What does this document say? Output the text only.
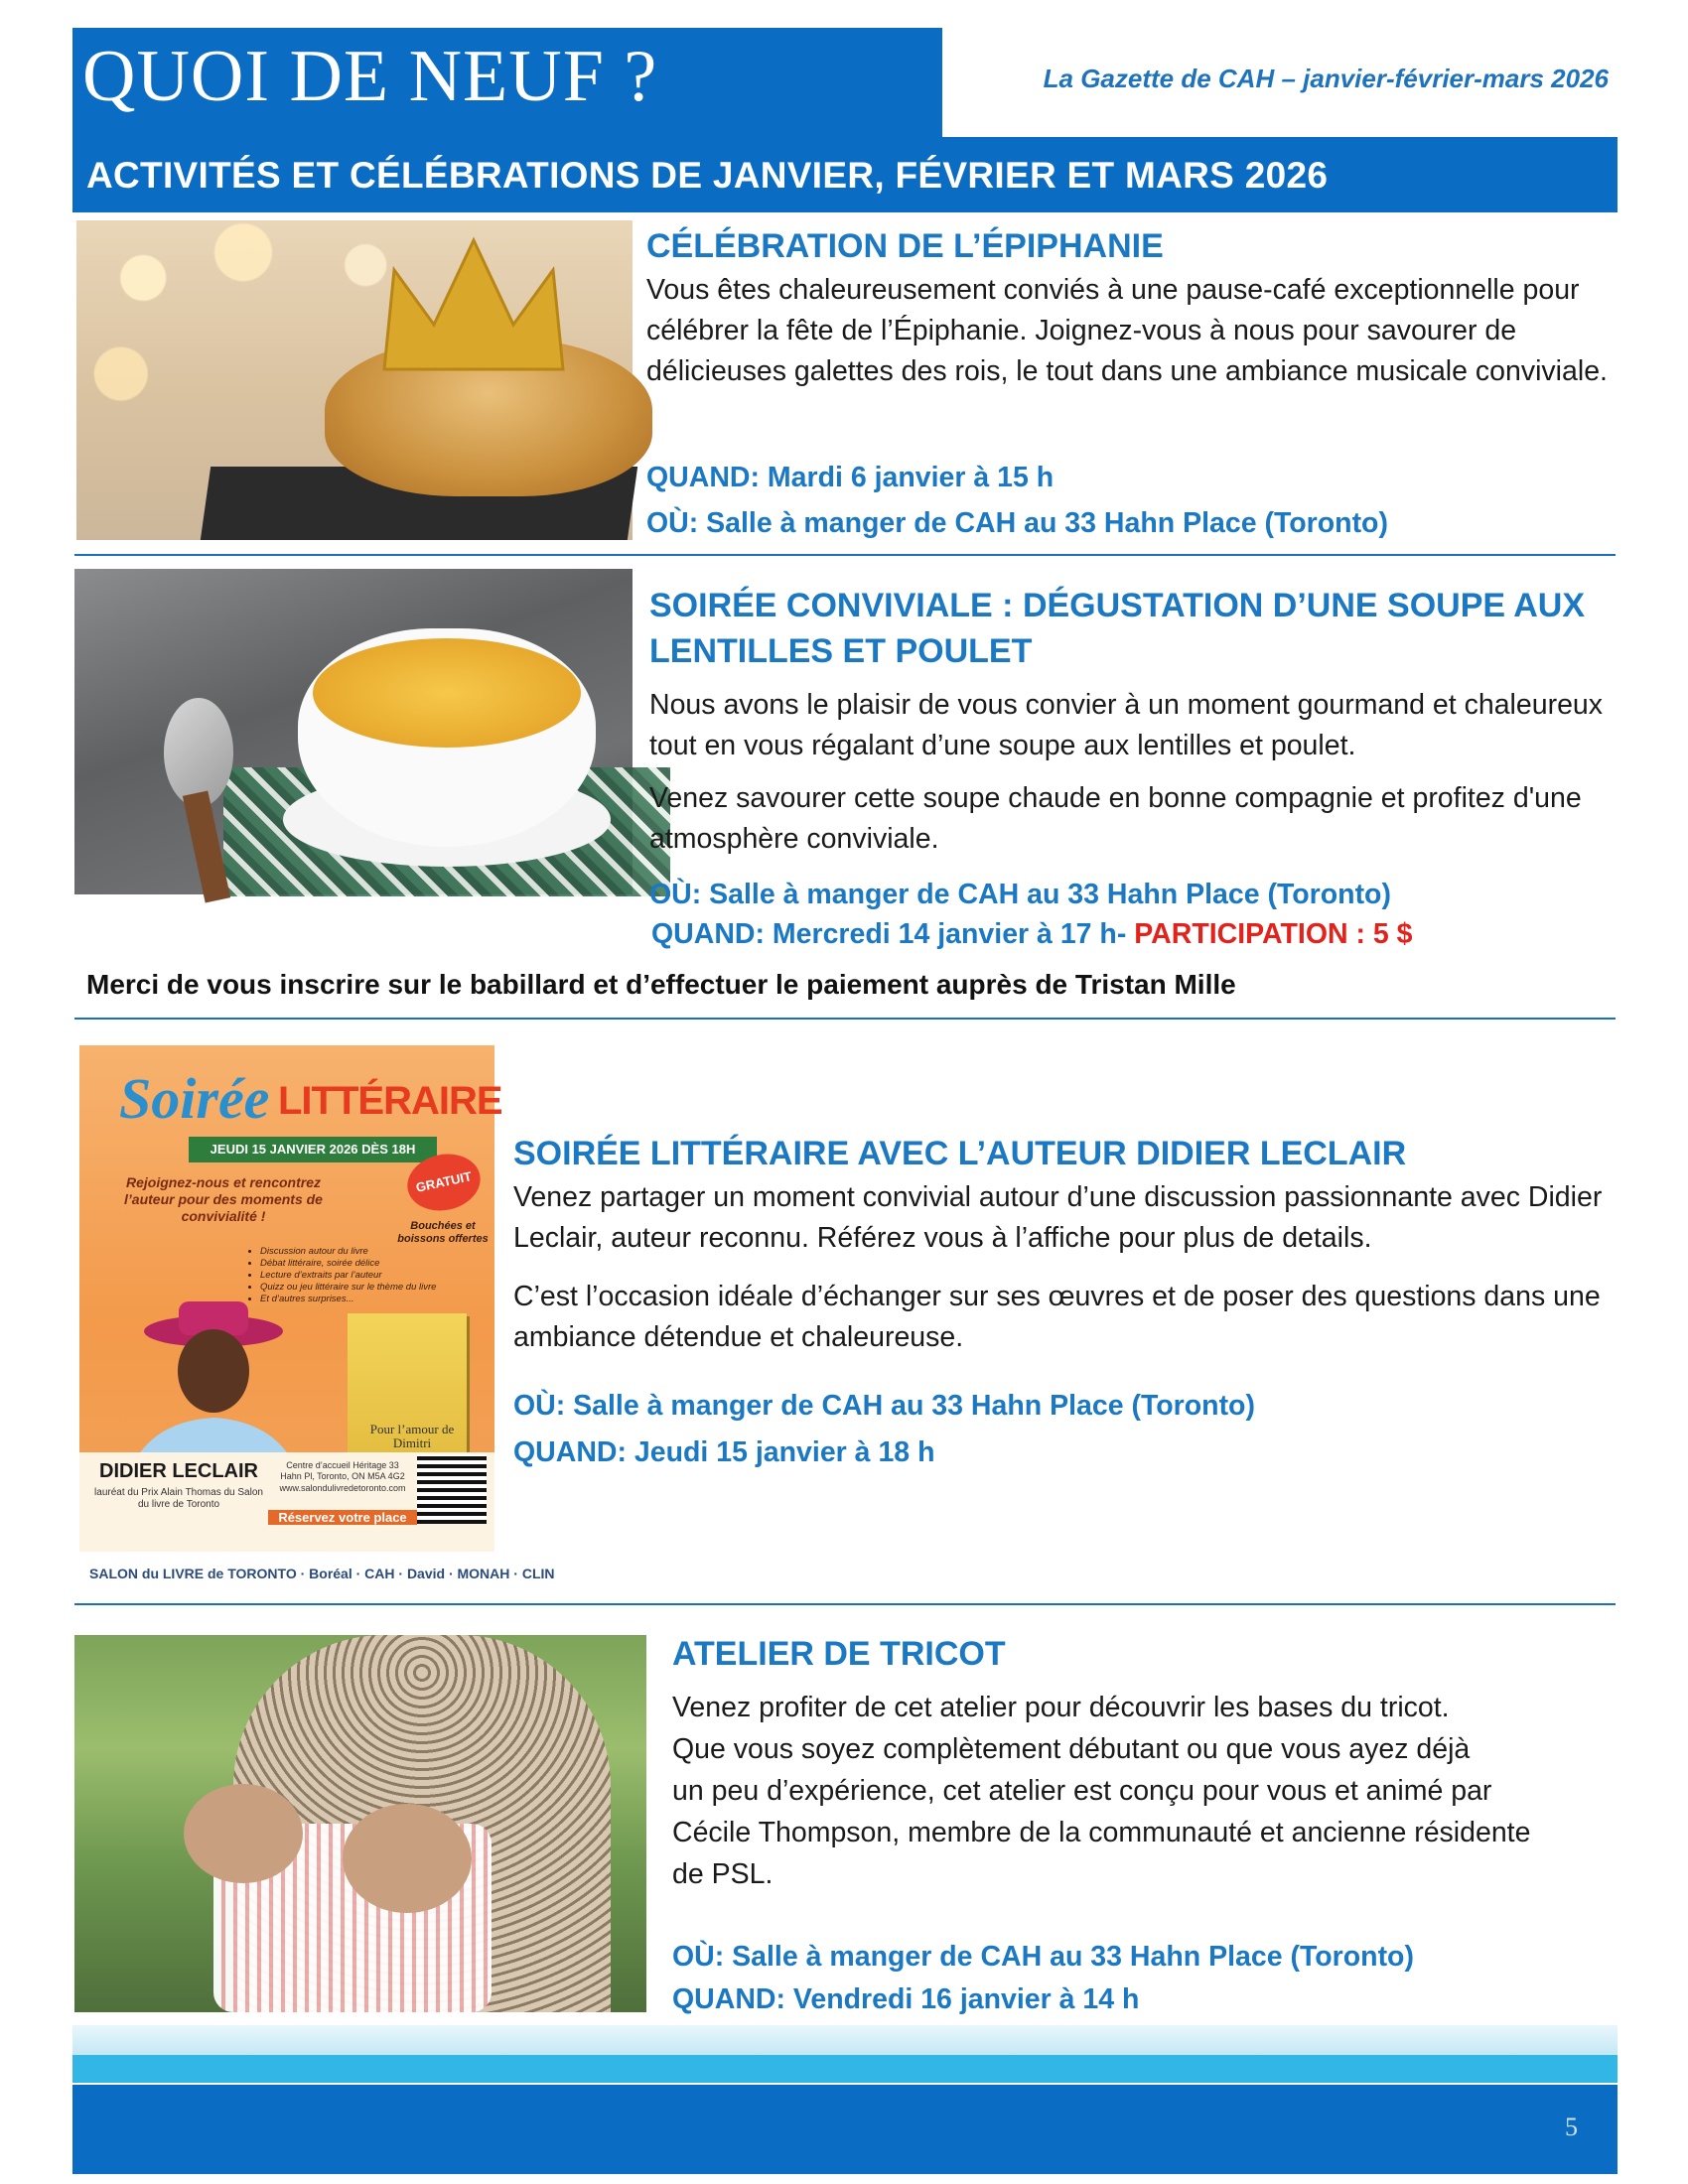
QUOI DE NEUF ?	La Gazette de CAH – janvier-février-mars 2026
ACTIVITÉS ET CÉLÉBRATIONS DE JANVIER, FÉVRIER ET MARS 2026
CÉLÉBRATION DE L’ÉPIPHANIE

Vous êtes chaleureusement conviés à une pause-café exceptionnelle pour célébrer la fête de l’Épiphanie. Joignez-vous à nous pour savourer de délicieuses galettes des rois, le tout dans une ambiance musicale conviviale.

QUAND: Mardi 6 janvier à 15 h
OÙ: Salle à manger de CAH au 33 Hahn Place (Toronto)
SOIRÉE CONVIVIALE : DÉGUSTATION D’UNE SOUPE AUX LENTILLES ET POULET

Nous avons le plaisir de vous convier à un moment gourmand et chaleureux tout en vous régalant d’une soupe aux lentilles et poulet.

Venez savourer cette soupe chaude en bonne compagnie et profitez d'une atmosphère conviviale.

OÙ: Salle à manger de CAH au 33 Hahn Place (Toronto)
QUAND: Mercredi 14 janvier à 17 h- PARTICIPATION : 5 $
Merci de vous inscrire sur le babillard et d’effectuer le paiement auprès de Tristan Mille
Soirée LITTÉRAIRE
JEUDI 15 JANVIER 2026 DÈS 18H
Rejoignez-nous et rencontrez l’auteur pour des moments de convivialité !
GRATUIT
Bouchées et boissons offertes
• Discussion autour du livre
• Débat littéraire, soirée délice
• Lecture d’extraits par l’auteur
• Quizz ou jeu littéraire sur le thème du livre
• Et d’autres surprises...
Pour l’amour de Dimitri
DIDIER LECLAIR
lauréat du Prix Alain Thomas du Salon du livre de Toronto
Centre d’accueil Héritage 33 Hahn Pl, Toronto, ON M5A 4G2 www.salondulivredetoronto.com
Réservez votre place
SALON du LIVRE de TORONTO · Boréal · CAH · David · MONAH · CLIN
SOIRÉE LITTÉRAIRE AVEC L’AUTEUR DIDIER LECLAIR

Venez partager un moment convivial autour d’une discussion passionnante avec Didier Leclair, auteur reconnu. Référez vous à l’affiche pour plus de details.

C’est l’occasion idéale d’échanger sur ses œuvres et de poser des questions dans une ambiance détendue et chaleureuse.

OÙ: Salle à manger de CAH au 33 Hahn Place (Toronto)
QUAND: Jeudi 15 janvier à 18 h
ATELIER DE TRICOT
Venez profiter de cet atelier pour découvrir les bases du tricot.
Que vous soyez complètement débutant ou que vous ayez déjà
un peu d’expérience, cet atelier est conçu pour vous et animé par
Cécile Thompson, membre de la communauté et ancienne résidente
de PSL.
OÙ: Salle à manger de CAH au 33 Hahn Place (Toronto)
QUAND: Vendredi 16 janvier à 14 h
5
